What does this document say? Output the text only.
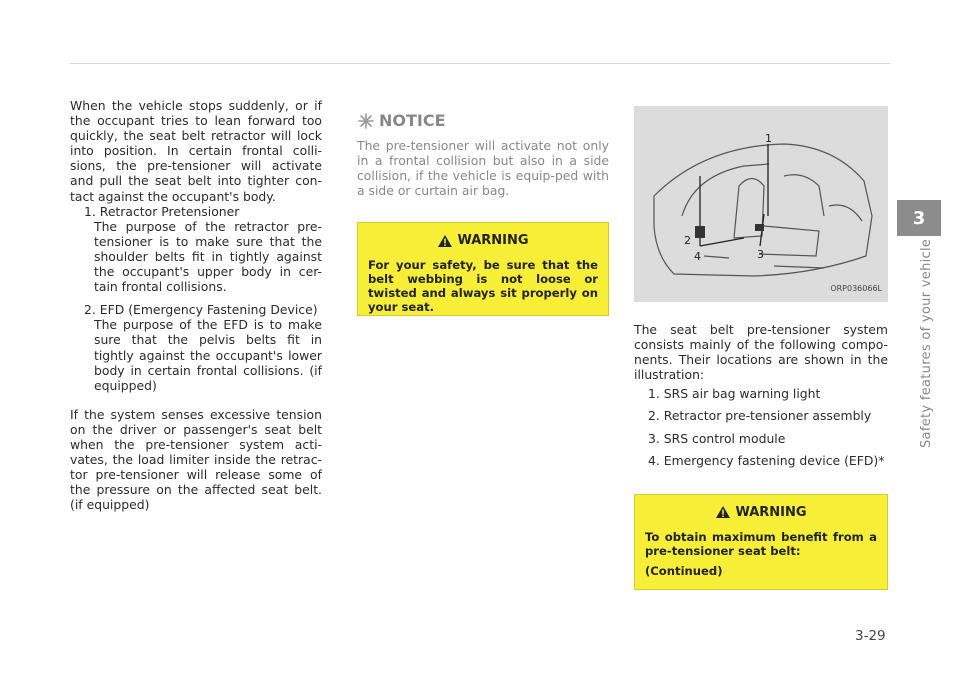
When the vehicle stops suddenly, or if the occupant tries to lean forward too quickly, the seat belt retractor will lock into position. In certain frontal colli-sions, the pre-tensioner will activate and pull the seat belt into tighter con-tact against the occupant's body.

1. Retractor Pretensioner
The purpose of the retractor pre-tensioner is to make sure that the shoulder belts fit in tightly against the occupant's upper body in cer-tain frontal collisions.
2. EFD (Emergency Fastening Device)
The purpose of the EFD is to make sure that the pelvis belts fit in tightly against the occupant's lower body in certain frontal collisions. (if equipped)

If the system senses excessive tension on the driver or passenger's seat belt when the pre-tensioner system acti-vates, the load limiter inside the retrac-tor pre-tensioner will release some of the pressure on the affected seat belt. (if equipped)

NOTICE
The pre-tensioner will activate not only in a frontal collision but also in a side collision, if the vehicle is equip-ped with a side or curtain air bag.
WARNING
For your safety, be sure that the belt webbing is not loose or twisted and always sit properly on your seat.
1
2
3
4
ORP036066L

The seat belt pre-tensioner system consists mainly of the following compo-nents. Their locations are shown in the illustration:

1. SRS air bag warning light
2. Retractor pre-tensioner assembly
3. SRS control module
4. Emergency fastening device (EFD)*
WARNING
To obtain maximum benefit from a pre-tensioner seat belt:
(Continued)
3
Safety features of your vehicle
3-29
